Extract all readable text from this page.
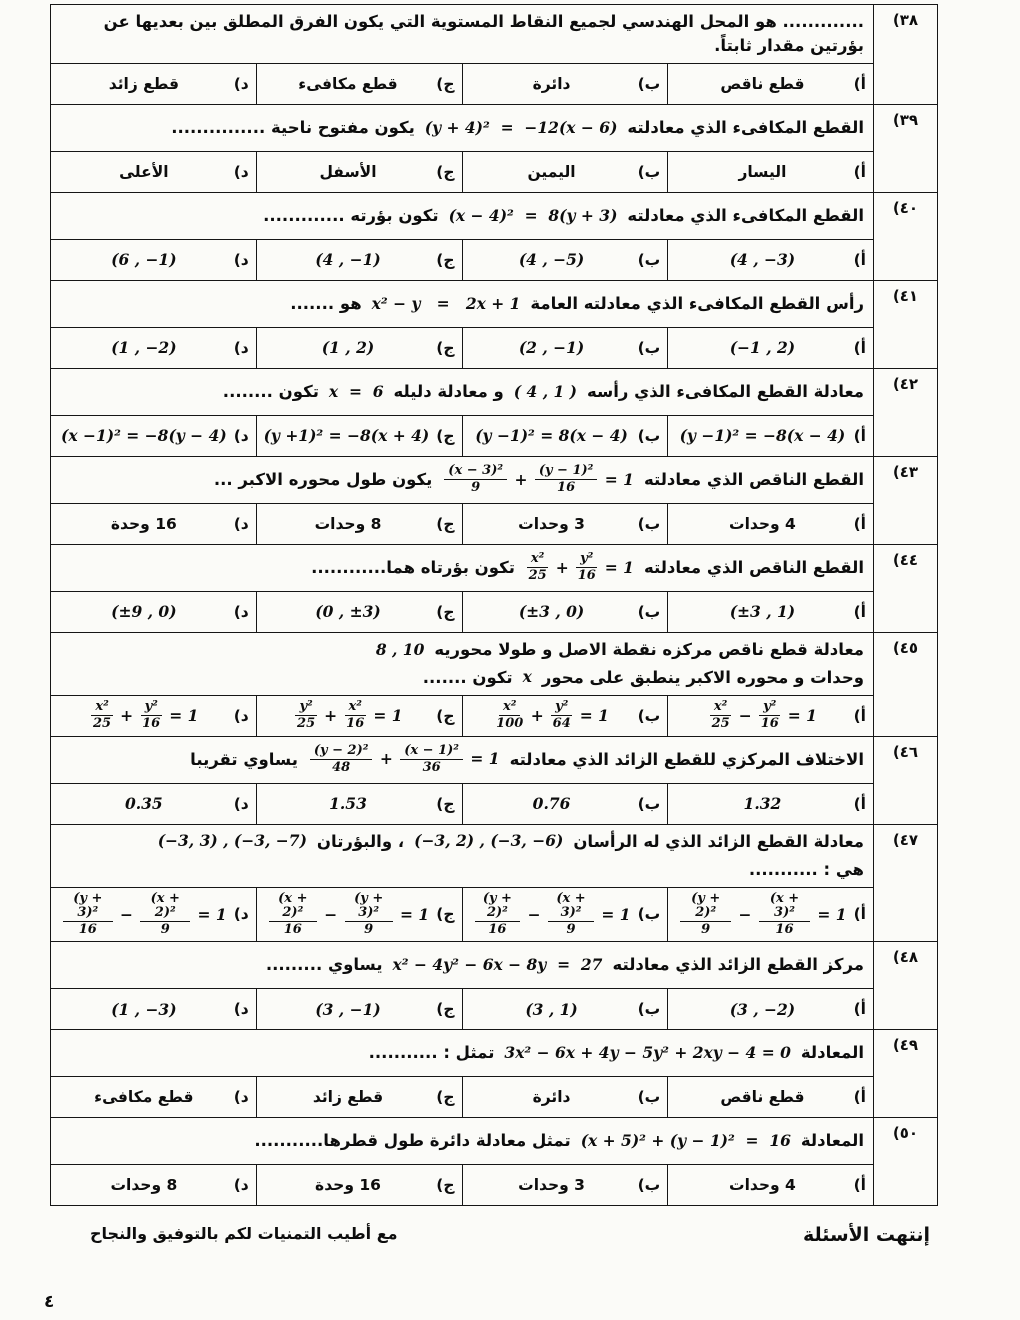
(٣٨
............. هو المحل الهندسي لجميع النقاط المستوية التي يكون الفرق المطلق بين بعديها عن بؤرتين مقدار ثابتاً.
أ)
قطع ناقص
ب)
دائرة
ج)
قطع مكافىء
د)
قطع زائد
(٣٩
القطع المكافىء الذي معادلته
(y + 4)²  =  −12(x − 6)
يكون مفتوح ناحية ...............
أ)
اليسار
ب)
اليمين
ج)
الأسفل
د)
الأعلى
(٤٠
القطع المكافىء الذي معادلته
(x − 4)²  =  8(y + 3)
تكون بؤرته .............
أ)
(4 , −3)
ب)
(4 , −5)
ج)
(4 , −1)
د)
(6 , −1)
(٤١
رأس القطع المكافىء الذي معادلته العامة
x² − y   =   2x + 1
هو .......
أ)
(−1 , 2)
ب)
(2 , −1)
ج)
(1 , 2)
د)
(1 , −2)
(٤٢
معادلة القطع المكافىء الذي رأسه
( 4 , 1 )
و معادلة دليله
x  =  6
تكون ........
أ)
(y −1)² = −8(x − 4)
ب)
(y −1)² = 8(x − 4)
ج)
(y +1)² = −8(x + 4)
د)
(x −1)² = −8(y − 4)
(٤٣
القطع الناقص الذي معادلته
$\frac{\text{(x − 3)²}}{9} + \frac{\text{(y − 1)²}}{16} = 1$
يكون طول محوره الاكبر ...
أ)
4 وحدات
ب)
3 وحدات
ج)
8 وحدات
د)
16 وحدة
(٤٤
القطع الناقص الذي معادلته
$\frac{\text{x²}}{25} + \frac{\text{y²}}{16} = 1$
تكون بؤرتاه هما............
أ)
(±3 , 1)
ب)
(±3 , 0)
ج)
(0 , ±3)
د)
(±9 , 0)
(٤٥
معادلة قطع ناقص مركزه نقطة الاصل و طولا محوريه
8 , 10
وحدات و محوره الاكبر ينطبق على محور
x
تكون .......
أ)
$\frac{\text{x²}}{25} - \frac{\text{y²}}{16} = 1$
ب)
$\frac{\text{x²}}{100} + \frac{\text{y²}}{64} = 1$
ج)
$\frac{\text{y²}}{25} + \frac{\text{x²}}{16} = 1$
د)
$\frac{\text{x²}}{25} + \frac{\text{y²}}{16} = 1$
(٤٦
الاختلاف المركزي للقطع الزائد الذي معادلته
$\frac{\text{(y − 2)²}}{48} + \frac{\text{(x − 1)²}}{36} = 1$
يساوي تقريبا
أ)
1.32
ب)
0.76
ج)
1.53
د)
0.35
(٤٧
معادلة القطع الزائد الذي له الرأسان
(−3, 2) , (−3, −6)
، والبؤرتان
(−3, 3) , (−3, −7)
هي : ...........
أ)
$\frac{\text{(y + 2)²}}{9} - \frac{\text{(x + 3)²}}{16} = 1$
ب)
$\frac{\text{(y + 2)²}}{16} - \frac{\text{(x + 3)²}}{9} = 1$
ج)
$\frac{\text{(x + 2)²}}{16} - \frac{\text{(y + 3)²}}{9} = 1$
د)
$\frac{\text{(y + 3)²}}{16} - \frac{\text{(x + 2)²}}{9} = 1$
(٤٨
مركز القطع الزائد الذي معادلته
x² − 4y² − 6x − 8y  =  27
يساوي .........
أ)
(3 , −2)
ب)
(3 , 1)
ج)
(3 , −1)
د)
(1 , −3)
(٤٩
المعادلة
3x² − 6x + 4y − 5y² + 2xy − 4 = 0
تمثل : ...........
أ)
قطع ناقص
ب)
دائرة
ج)
قطع زائد
د)
قطع مكافىء
(٥٠
المعادلة
(x + 5)² + (y − 1)²  =  16
تمثل معادلة دائرة طول قطرها...........
أ)
4 وحدات
ب)
3 وحدات
ج)
16 وحدة
د)
8 وحدات
إنتهت الأسئلة
مع أطيب التمنيات لكم بالتوفيق والنجاح
٤
